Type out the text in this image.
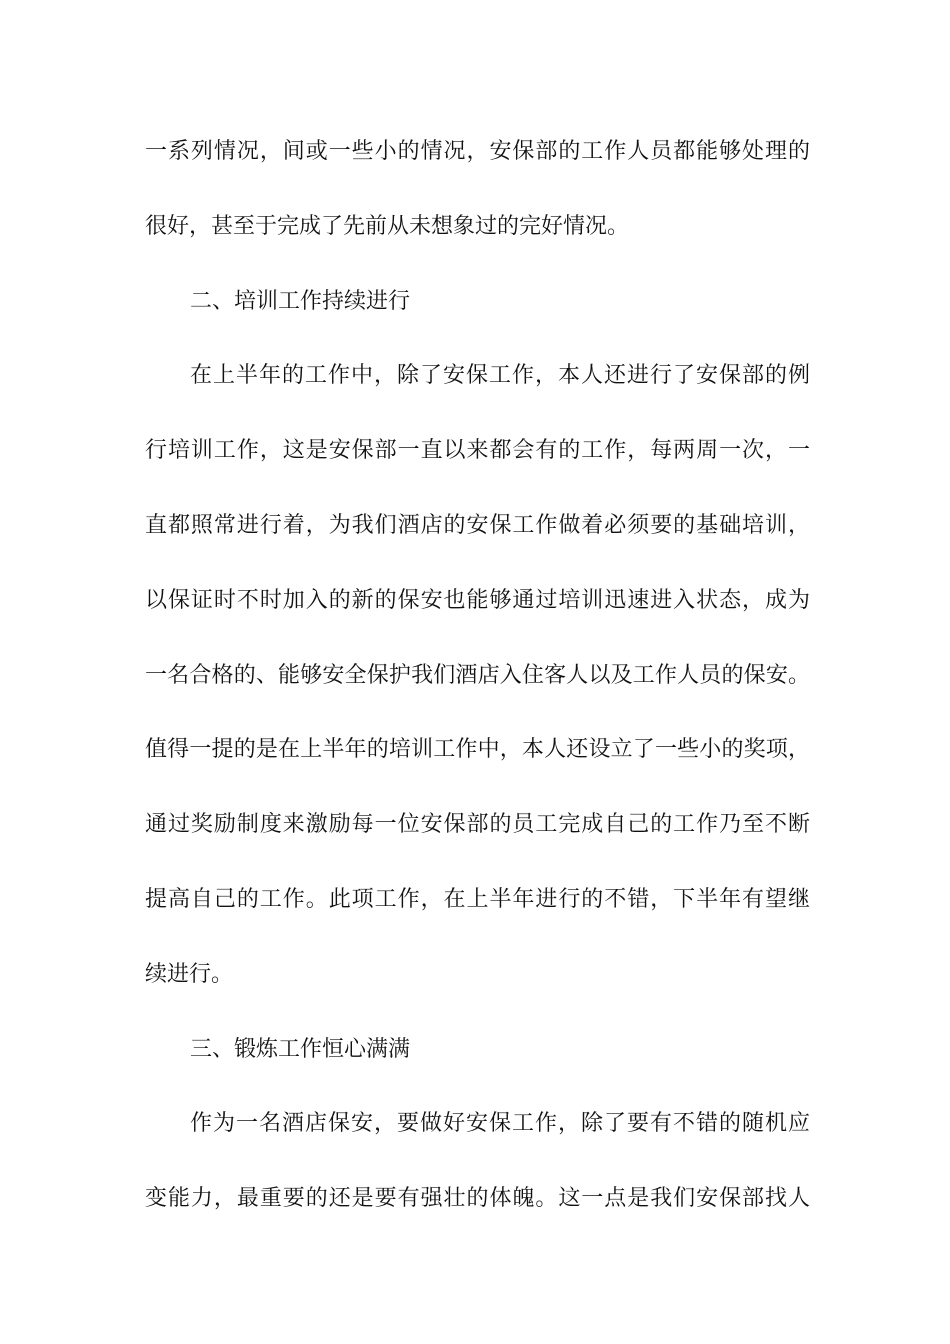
一系列情况，间或一些小的情况，安保部的工作人员都能够处理的
很好，甚至于完成了先前从未想象过的完好情况。
二、培训工作持续进行
在上半年的工作中，除了安保工作，本人还进行了安保部的例
行培训工作，这是安保部一直以来都会有的工作，每两周一次，一
直都照常进行着，为我们酒店的安保工作做着必须要的基础培训，
以保证时不时加入的新的保安也能够通过培训迅速进入状态，成为
一名合格的、能够安全保护我们酒店入住客人以及工作人员的保安。
值得一提的是在上半年的培训工作中，本人还设立了一些小的奖项，
通过奖励制度来激励每一位安保部的员工完成自己的工作乃至不断
提高自己的工作。此项工作，在上半年进行的不错，下半年有望继
续进行。
三、锻炼工作恒心满满
作为一名酒店保安，要做好安保工作，除了要有不错的随机应
变能力，最重要的还是要有强壮的体魄。这一点是我们安保部找人
